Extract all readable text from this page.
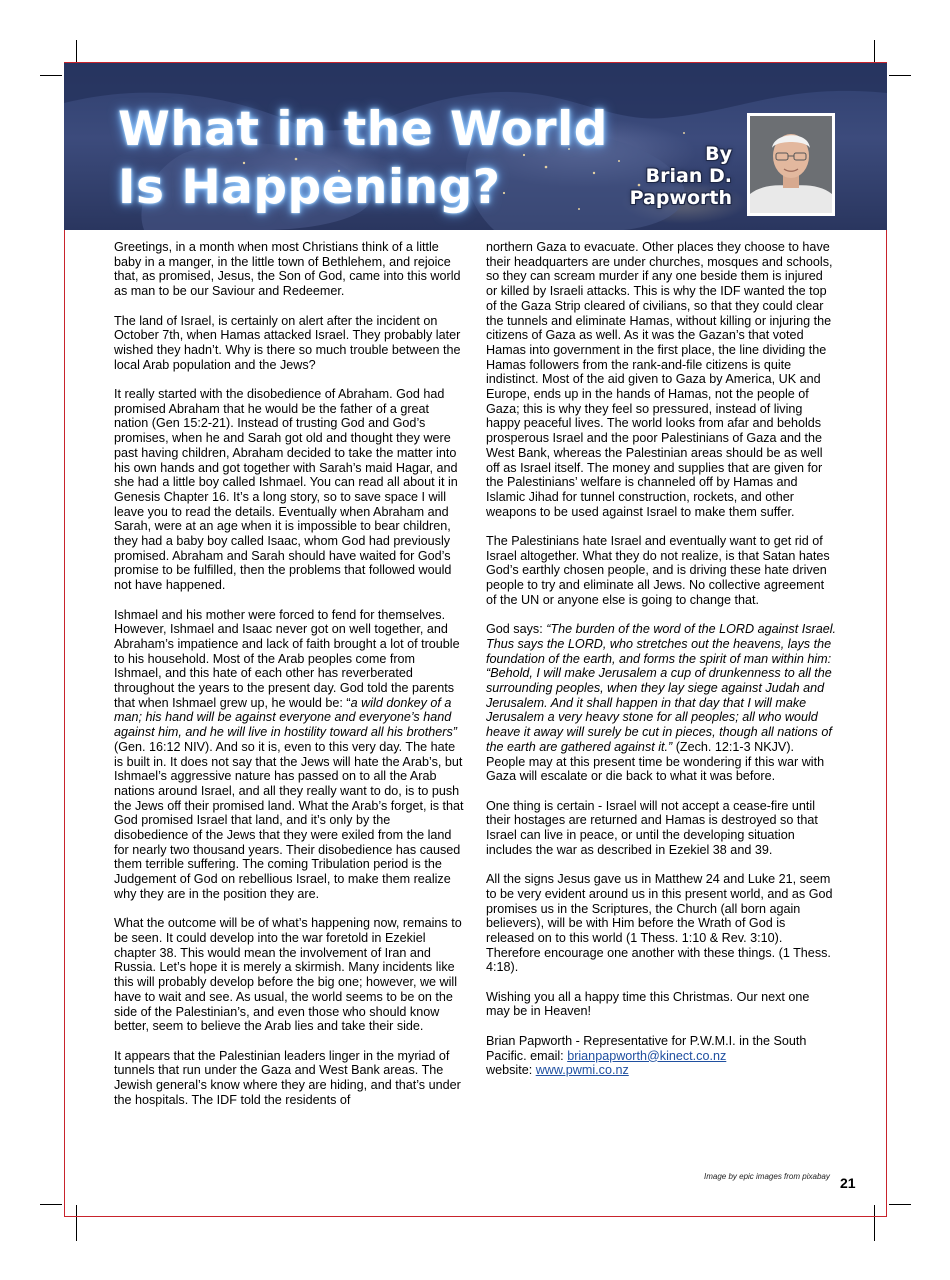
What in the World
Is Happening?
By
Brian D.
Papworth

Greetings, in a month when most Christians think of a little baby in a manger, in the little town of Bethlehem, and rejoice that, as promised, Jesus, the Son of God, came into this world as man to be our Saviour and Redeemer.

The land of Israel, is certainly on alert after the incident on October 7th, when Hamas attacked Israel. They probably later wished they hadn’t. Why is there so much trouble between the local Arab population and the Jews?

It really started with the disobedience of Abraham. God had promised Abraham that he would be the father of a great nation (Gen 15:2-21). Instead of trusting God and God’s promises, when he and Sarah got old and thought they were past having children, Abraham decided to take the matter into his own hands and got together with Sarah’s maid Hagar, and she had a little boy called Ishmael. You can read all about it in Genesis Chapter 16. It’s a long story, so to save space I will leave you to read the details. Eventually when Abraham and Sarah, were at an age when it is impossible to bear children, they had a baby boy called Isaac, whom God had previously promised. Abraham and Sarah should have waited for God’s promise to be fulfilled, then the problems that followed would not have happened.

Ishmael and his mother were forced to fend for themselves. However, Ishmael and Isaac never got on well together, and Abraham’s impatience and lack of faith brought a lot of trouble to his household. Most of the Arab peoples come from Ishmael, and this hate of each other has reverberated throughout the years to the present day. God told the parents that when Ishmael grew up, he would be: “a wild donkey of a man; his hand will be against everyone and everyone’s hand against him, and he will live in hostility toward all his brothers” (Gen. 16:12 NIV). And so it is, even to this very day. The hate is built in. It does not say that the Jews will hate the Arab’s, but Ishmael’s aggressive nature has passed on to all the Arab nations around Israel, and all they really want to do, is to push the Jews off their promised land. What the Arab’s forget, is that God promised Israel that land, and it’s only by the disobedience of the Jews that they were exiled from the land for nearly two thousand years. Their disobedience has caused them terrible suffering. The coming Tribulation period is the Judgement of God on rebellious Israel, to make them realize why they are in the position they are.

What the outcome will be of what’s happening now, remains to be seen. It could develop into the war foretold in Ezekiel chapter 38. This would mean the involvement of Iran and Russia. Let’s hope it is merely a skirmish. Many incidents like this will probably develop before the big one; however, we will have to wait and see. As usual, the world seems to be on the side of the Palestinian’s, and even those who should know better, seem to believe the Arab lies and take their side.

It appears that the Palestinian leaders linger in the myriad of tunnels that run under the Gaza and West Bank areas. The Jewish general’s know where they are hiding, and that’s under the hospitals. The IDF told the residents of

northern Gaza to evacuate. Other places they choose to have their headquarters are under churches, mosques and schools, so they can scream murder if any one beside them is injured or killed by Israeli attacks. This is why the IDF wanted the top of the Gaza Strip cleared of civilians, so that they could clear the tunnels and eliminate Hamas, without killing or injuring the citizens of Gaza as well. As it was the Gazan’s that voted Hamas into government in the first place, the line dividing the Hamas followers from the rank-and-file citizens is quite indistinct. Most of the aid given to Gaza by America, UK and Europe, ends up in the hands of Hamas, not the people of Gaza; this is why they feel so pressured, instead of living happy peaceful lives. The world looks from afar and beholds prosperous Israel and the poor Palestinians of Gaza and the West Bank, whereas the Palestinian areas should be as well off as Israel itself. The money and supplies that are given for the Palestinians’ welfare is channeled off by Hamas and Islamic Jihad for tunnel construction, rockets, and other weapons to be used against Israel to make them suffer.

The Palestinians hate Israel and eventually want to get rid of Israel altogether. What they do not realize, is that Satan hates God’s earthly chosen people, and is driving these hate driven people to try and eliminate all Jews. No collective agreement of the UN or anyone else is going to change that.

God says: “The burden of the word of the LORD against Israel. Thus says the LORD, who stretches out the heavens, lays the foundation of the earth, and forms the spirit of man within him: “Behold, I will make Jerusalem a cup of drunkenness to all the surrounding peoples, when they lay siege against Judah and Jerusalem. And it shall happen in that day that I will make Jerusalem a very heavy stone for all peoples; all who would heave it away will surely be cut in pieces, though all nations of the earth are gathered against it.” (Zech. 12:1-3 NKJV). People may at this present time be wondering if this war with Gaza will escalate or die back to what it was before.

One thing is certain - Israel will not accept a cease-fire until their hostages are returned and Hamas is destroyed so that Israel can live in peace, or until the developing situation includes the war as described in Ezekiel 38 and 39.

All the signs Jesus gave us in Matthew 24 and Luke 21, seem to be very evident around us in this present world, and as God promises us in the Scriptures, the Church (all born again believers), will be with Him before the Wrath of God is released on to this world (1 Thess. 1:10 & Rev. 3:10). Therefore encourage one another with these things. (1 Thess. 4:18).

Wishing you all a happy time this Christmas. Our next one may be in Heaven!

Brian Papworth - Representative for P.W.M.I. in the South Pacific. email: brianpapworth@kinect.co.nz
website: www.pwmi.co.nz

Image by epic images from pixabay 21
